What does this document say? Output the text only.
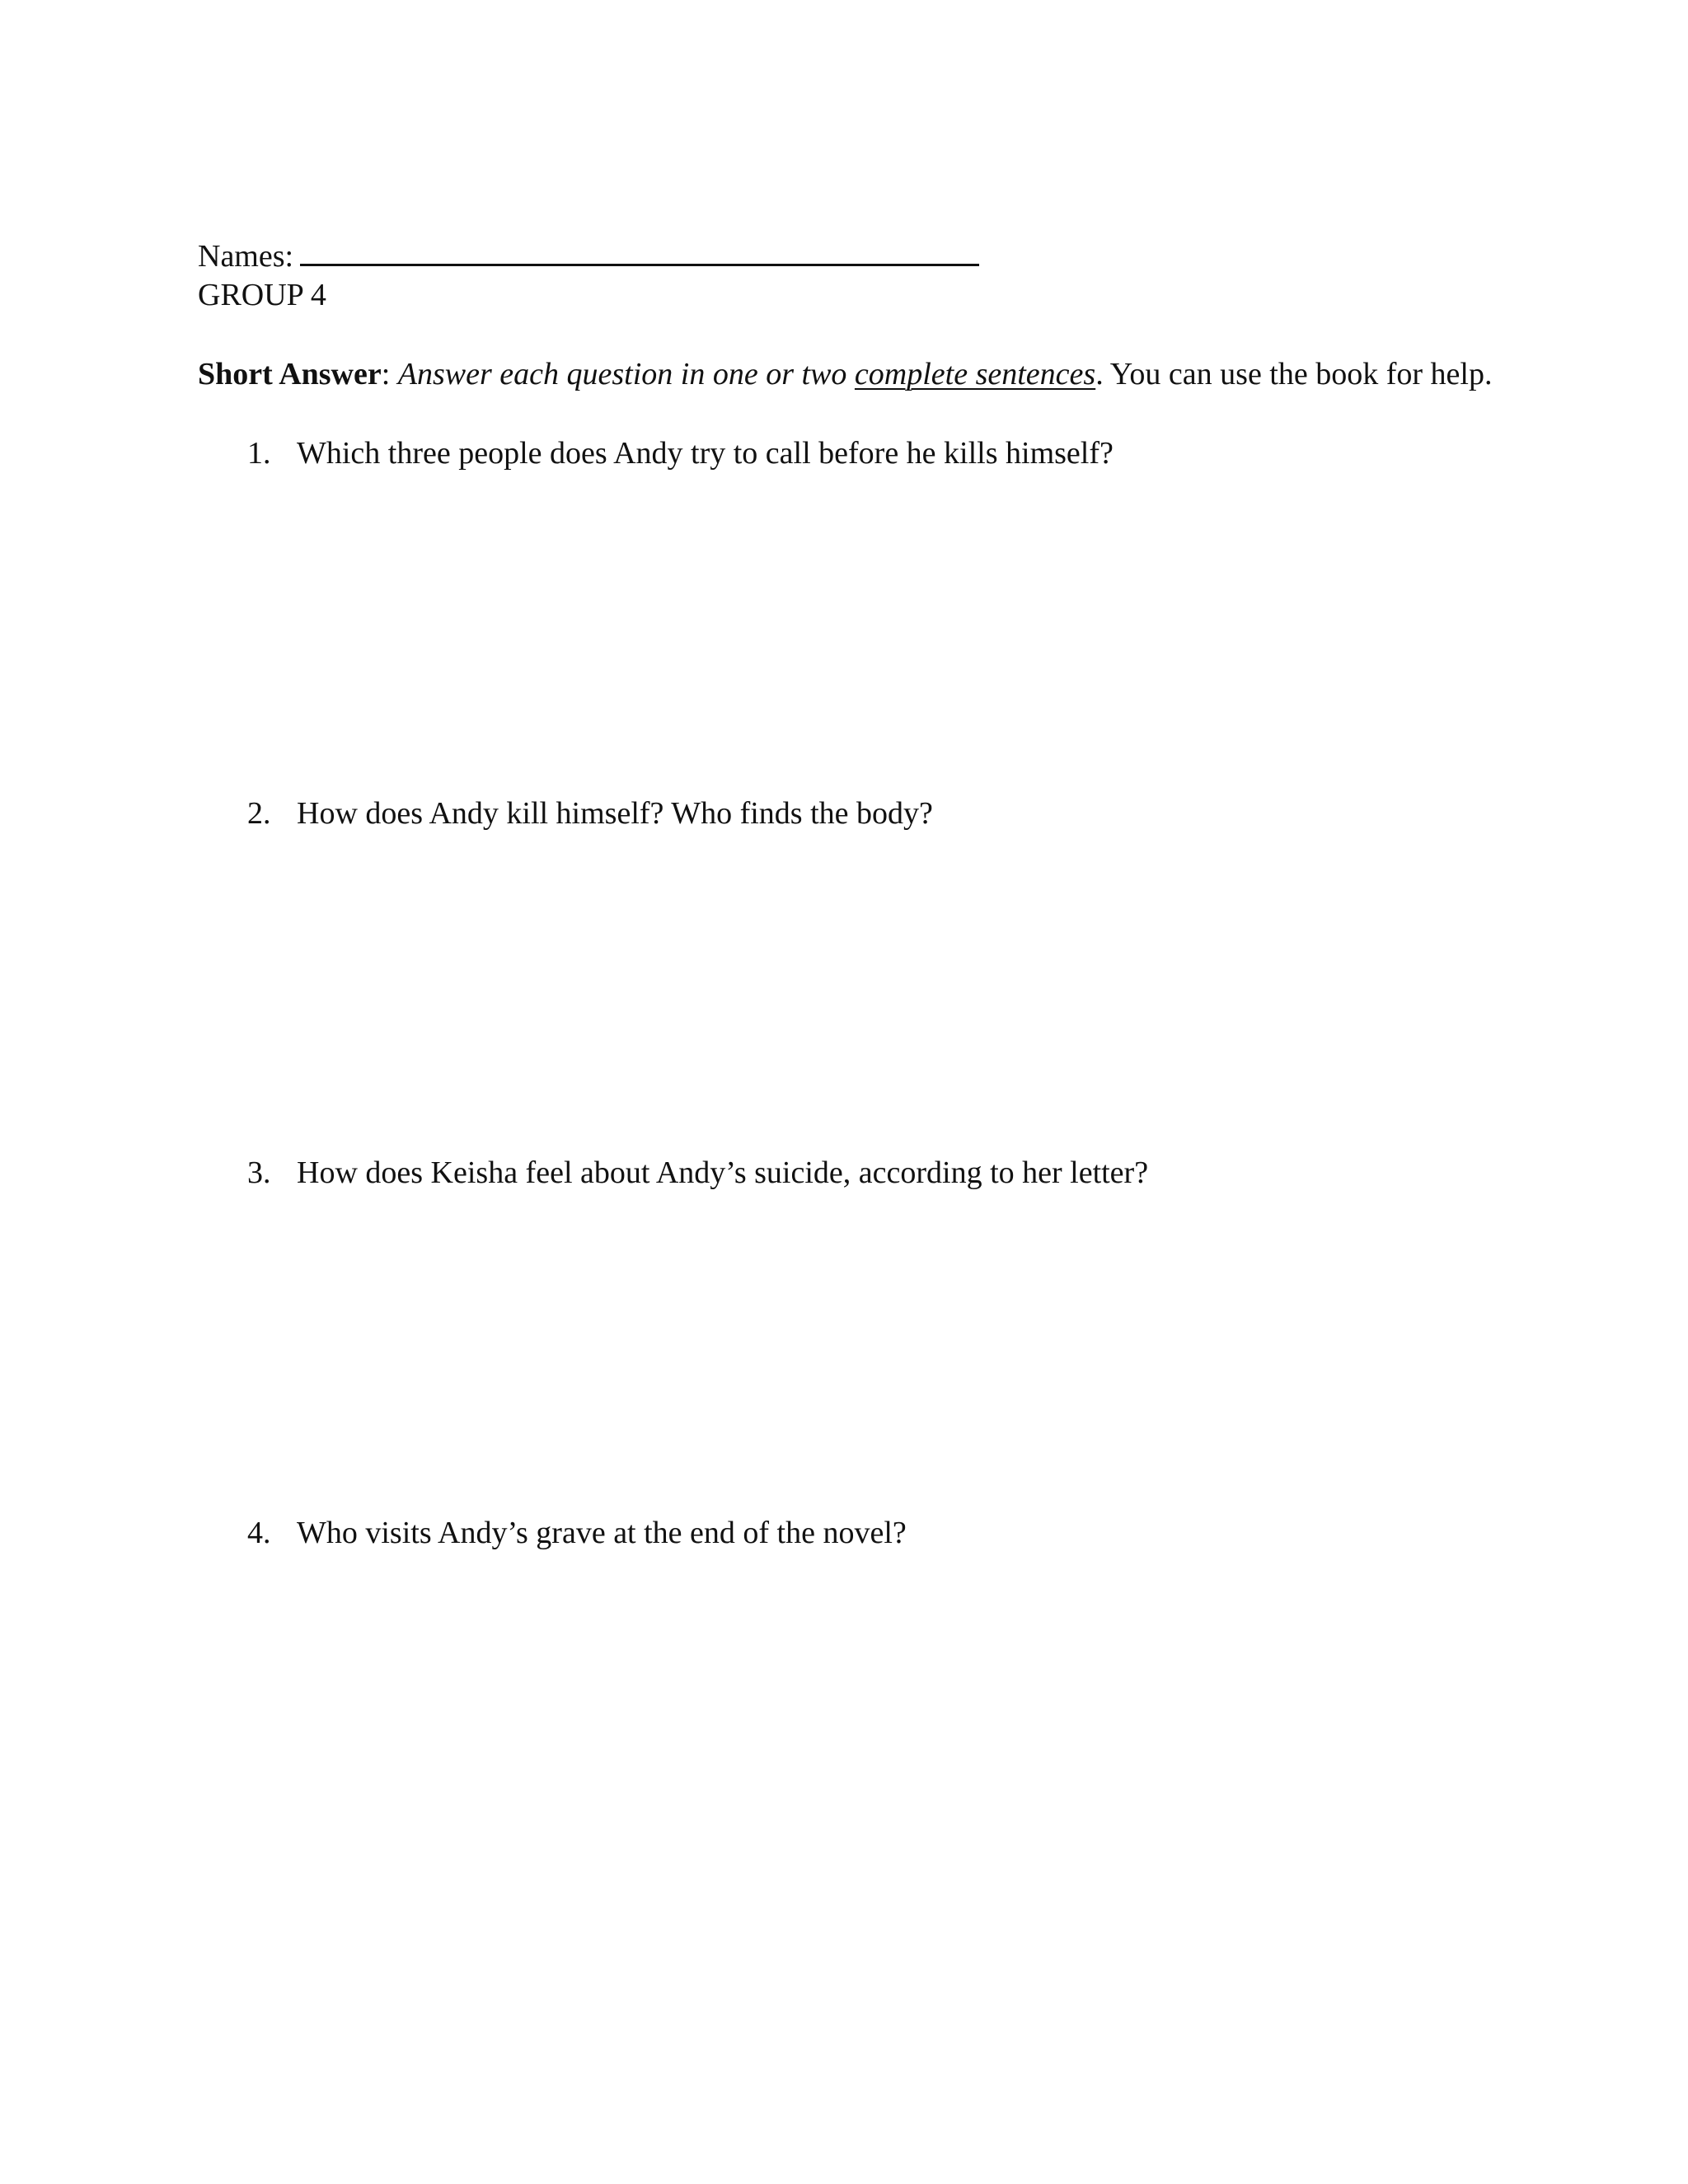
Names:
GROUP 4
Short Answer: Answer each question in one or two complete sentences. You can use the book for help.
1. Which three people does Andy try to call before he kills himself?
2. How does Andy kill himself? Who finds the body?
3. How does Keisha feel about Andy’s suicide, according to her letter?
4. Who visits Andy’s grave at the end of the novel?
